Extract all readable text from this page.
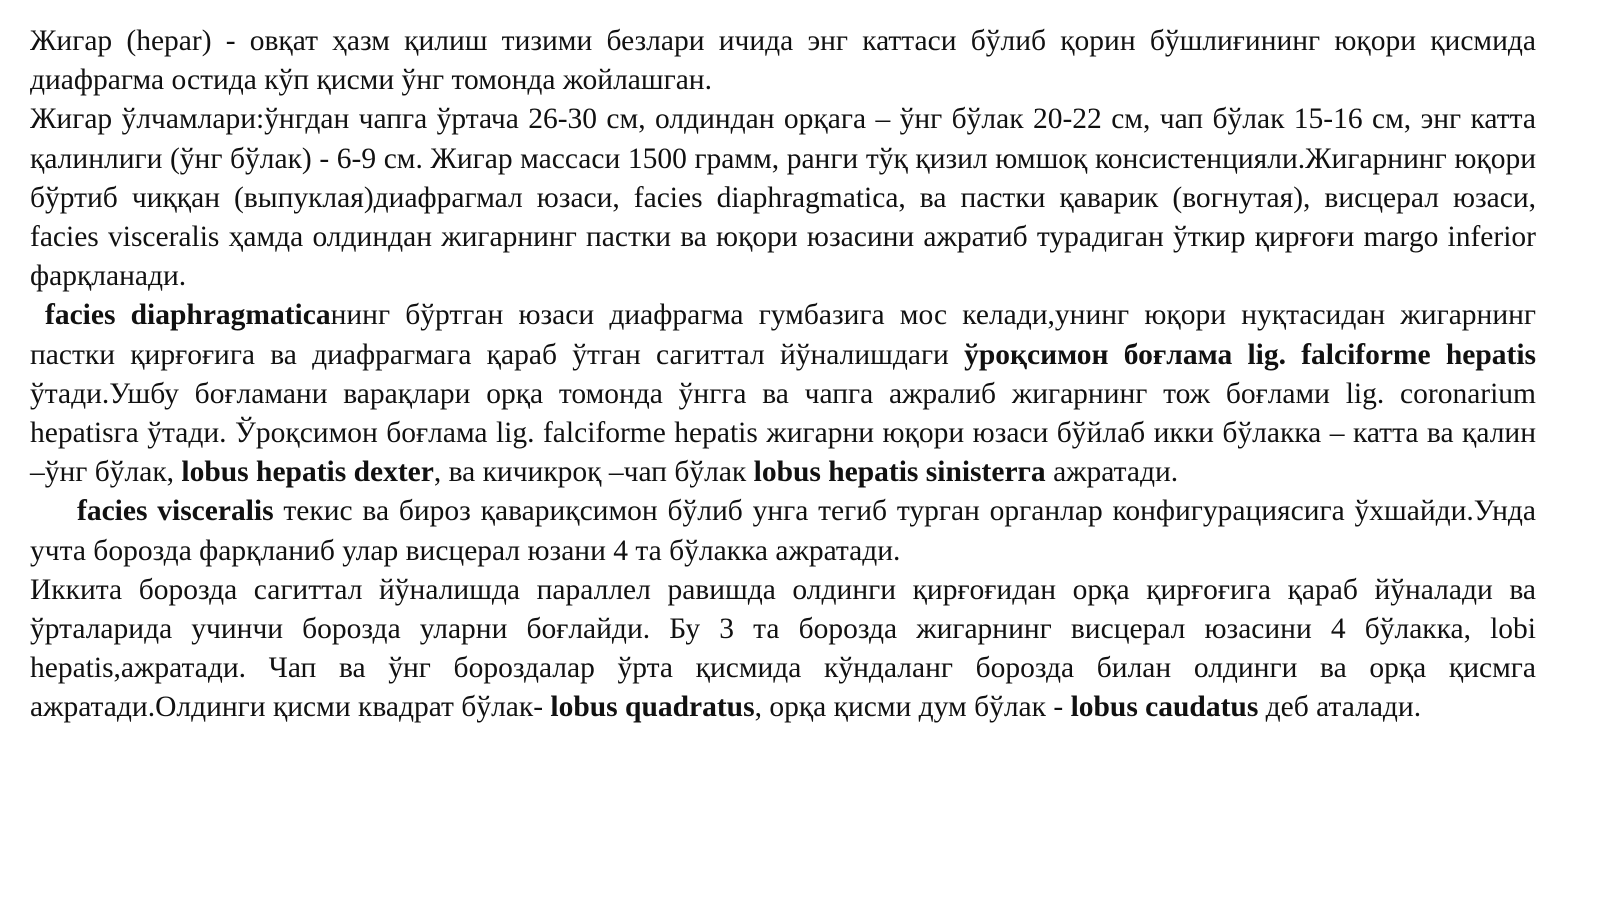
Жигар (hepar) - овқат ҳазм қилиш тизими безлари ичида энг каттаси бўлиб қорин бўшлиғининг юқори қисмида диафрагма остида кўп қисми ўнг томонда жойлашган.

Жигар ўлчамлари:ўнгдан чапга ўртача 26-30 см, олдиндан орқага – ўнг бўлак 20-22 см, чап бўлак 15-16 см, энг катта қалинлиги (ўнг бўлак) - 6-9 см. Жигар массаси 1500 грамм, ранги тўқ қизил юмшоқ консистенцияли.Жигарнинг юқори бўртиб чиққан (выпуклая)диафрагмал юзаси, facies diaphragmatica, ва пастки қаварик (вогнутая), висцерал юзаси, facies visceralis ҳамда олдиндан жигарнинг пастки ва юқори юзасини ажратиб турадиган ўткир қирғоғи margo inferior фарқланади.

facies diaphragmaticaнинг бўртган юзаси диафрагма гумбазига мос келади,унинг юқори нуқтасидан жигарнинг пастки қирғоғига ва диафрагмага қараб ўтган сагиттал йўналишдаги ўроқсимон боғлама lig. falciforme hepatis ўтади.Ушбу боғламани варақлари орқа томонда ўнгга ва чапга ажралиб жигарнинг тож боғлами lig. coronarium hepatisга ўтади. Ўроқсимон боғлама lig. falciforme hepatis жигарни юқори юзаси бўйлаб икки бўлакка – катта ва қалин –ўнг бўлак, lobus hepatis dexter, ва кичикроқ –чап бўлак lobus hepatis sinisterга ажратади.

facies visceralis текис ва бироз қавариқсимон бўлиб унга тегиб турган органлар конфигурациясига ўхшайди.Унда учта борозда фарқланиб улар висцерал юзани 4 та бўлакка ажратади.

Иккита борозда сагиттал йўналишда параллел равишда олдинги қирғоғидан орқа қирғоғига қараб йўналади ва ўрталарида учинчи борозда уларни боғлайди. Бу 3 та борозда жигарнинг висцерал юзасини 4 бўлакка, lobi hepatis,ажратади. Чап ва ўнг бороздалар ўрта қисмида кўндаланг борозда билан олдинги ва орқа қисмга ажратади.Олдинги қисми квадрат бўлак- lobus quadratus, орқа қисми дум бўлак - lobus caudatus деб аталади.
